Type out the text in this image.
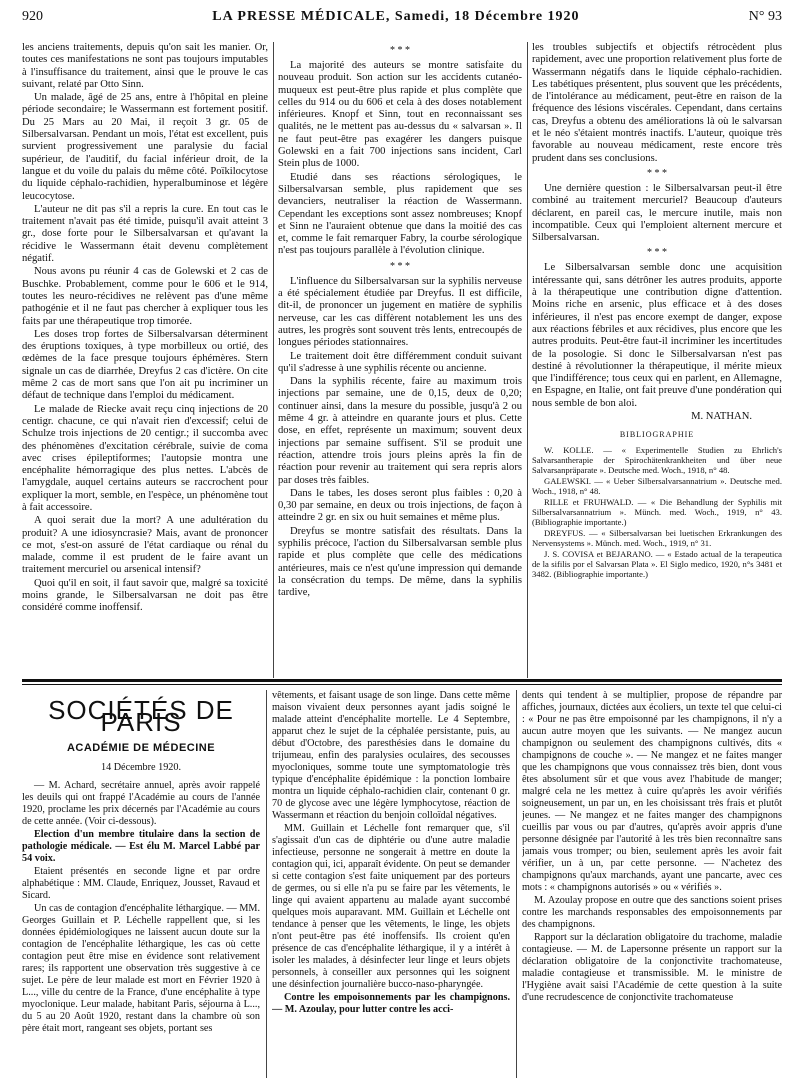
920	LA PRESSE MÉDICALE, Samedi, 18 Décembre 1920	N° 93

les anciens traitements, depuis qu'on sait les manier. Or, toutes ces manifestations ne sont pas toujours imputables à l'insuffisance du traitement, ainsi que le prouve le cas suivant, relaté par Otto Sinn.

Un malade, âgé de 25 ans, entre à l'hôpital en pleine période secondaire; le Wassermann est fortement positif. Du 25 Mars au 20 Mai, il reçoit 3 gr. 05 de Silbersalvarsan. Pendant un mois, l'état est excellent, puis survient progressivement une paralysie du facial supérieur, de l'auditif, du facial inférieur droit, de la langue et du voile du palais du même côté. Poïkilocytose du liquide céphalo-rachidien, hyperalbuminose et légère leucocytose.

L'auteur ne dit pas s'il a repris la cure. En tout cas le traitement n'avait pas été timide, puisqu'il avait atteint 3 gr., dose forte pour le Silbersalvarsan et qu'avant la récidive le Wassermann était devenu complètement négatif.

Nous avons pu réunir 4 cas de Golewski et 2 cas de Buschke. Probablement, comme pour le 606 et le 914, toutes les neuro-récidives ne relèvent pas d'une même pathogénie et il ne faut pas chercher à expliquer tous les faits par une thérapeutique trop timorée.

Les doses trop fortes de Silbersalvarsan déterminent des éruptions toxiques, à type morbilleux ou ortié, des œdèmes de la face presque toujours éphémères. Stern signale un cas de diarrhée, Dreyfus 2 cas d'ictère. On cite même 2 cas de mort sans que l'on ait pu incriminer un défaut de technique dans l'emploi du médicament.

Le malade de Riecke avait reçu cinq injections de 20 centigr. chacune, ce qui n'avait rien d'excessif; celui de Schulze trois injections de 20 centigr.; il succomba avec des phénomènes d'excitation cérébrale, suivie de coma avec crises épileptiformes; l'autopsie montra une encéphalite hémorragique des plus nettes. L'abcès de l'amygdale, auquel certains auteurs se raccrochent pour expliquer la mort, semble, en l'espèce, un phénomène tout à fait accessoire.

A quoi serait due la mort? A une adultération du produit? A une idiosyncrasie? Mais, avant de prononcer ce mot, s'est-on assuré de l'état cardiaque ou rénal du malade, comme il est prudent de le faire avant un traitement mercuriel ou arsenical intensif?

Quoi qu'il en soit, il faut savoir que, malgré sa toxicité moins grande, le Silbersalvarsan ne doit pas être considéré comme inoffensif.

* * *

La majorité des auteurs se montre satisfaite du nouveau produit. Son action sur les accidents cutanéo-muqueux est peut-être plus rapide et plus complète que celles du 914 ou du 606 et cela à des doses notablement inférieures. Knopf et Sinn, tout en reconnaissant ses qualités, ne le mettent pas au-dessus du « salvarsan ». Il ne faut peut-être pas exagérer les dangers puisque Golewski en a fait 700 injections sans incident, Carl Stein plus de 1000.

Etudié dans ses réactions sérologiques, le Silbersalvarsan semble, plus rapidement que ses devanciers, neutraliser la réaction de Wassermann. Cependant les exceptions sont assez nombreuses; Knopf et Sinn ne l'auraient obtenue que dans la moitié des cas et, comme le fait remarquer Fabry, la courbe sérologique n'est pas toujours parallèle à l'évolution clinique.

* * *

L'influence du Silbersalvarsan sur la syphilis nerveuse a été spécialement étudiée par Dreyfus. Il est difficile, dit-il, de prononcer un jugement en matière de syphilis nerveuse, car les cas diffèrent notablement les uns des autres, les progrès sont souvent très lents, entrecoupés de longues périodes stationnaires.

Le traitement doit être différemment conduit suivant qu'il s'adresse à une syphilis récente ou ancienne.

Dans la syphilis récente, faire au maximum trois injections par semaine, une de 0,15, deux de 0,20; continuer ainsi, dans la mesure du possible, jusqu'à 2 ou même 4 gr. à atteindre en quarante jours et plus. Cette dose, en effet, représente un maximum; souvent deux injections par semaine suffisent. S'il se produit une réaction, attendre trois jours pleins après la fin de réaction pour revenir au traitement qui sera repris alors par doses très faibles.

Dans le tabes, les doses seront plus faibles : 0,20 à 0,30 par semaine, en deux ou trois injections, de façon à atteindre 2 gr. en six ou huit semaines et même plus.

Dreyfus se montre satisfait des résultats. Dans la syphilis précoce, l'action du Silbersalvarsan semble plus rapide et plus complète que celle des médications antérieures, mais ce n'est qu'une impression qui demande la consécration du temps. De même, dans la syphilis tardive,

les troubles subjectifs et objectifs rétrocèdent plus rapidement, avec une proportion relativement plus forte de Wassermann négatifs dans le liquide céphalo-rachidien. Les tabétiques présentent, plus souvent que les précédents, de l'intolérance au médicament, peut-être en raison de la fréquence des lésions viscérales. Cependant, dans certains cas, Dreyfus a obtenu des améliorations là où le salvarsan et le néo s'étaient montrés inactifs. L'auteur, quoique très favorable au nouveau médicament, reste encore très prudent dans ses conclusions.

* * *

Une dernière question : le Silbersalvarsan peut-il être combiné au traitement mercuriel? Beaucoup d'auteurs déclarent, en pareil cas, le mercure inutile, mais non incompatible. Ceux qui l'emploient alternent mercure et Silbersalvarsan.

* * *

Le Silbersalvarsan semble donc une acquisition intéressante qui, sans détrôner les autres produits, apporte à la thérapeutique une contribution digne d'attention. Moins riche en arsenic, plus efficace et à des doses inférieures, il n'est pas encore exempt de danger, expose aux réactions fébriles et aux récidives, plus encore que les autres produits. Peut-être faut-il incriminer les incertitudes de la posologie. Si donc le Silbersalvarsan n'est pas destiné à révolutionner la thérapeutique, il mérite mieux que l'indifférence; tous ceux qui en parlent, en Allemagne, en Espagne, en Italie, ont fait preuve d'une pondération qui nous semble de bon aloi.

M. NATHAN.
BIBLIOGRAPHIE

W. KOLLE. — « Experimentelle Studien zu Ehrlich's Salvarsantherapie der Spirochätenkrankheiten und über neue Salvarsanpräparate ». Deutsche med. Woch., 1918, n° 48.

GALEWSKI. — « Ueber Silbersalvarsannatrium ». Deutsche med. Woch., 1918, n° 48.

RILLE et FRUHWALD. — « Die Behandlung der Syphilis mit Silbersalvarsannatrium ». Münch. med. Woch., 1919, n° 43. (Bibliographie importante.)

DREYFUS. — « Silbersalvarsan bei luetischen Erkrankungen des Nervensystems ». Münch. med. Woch., 1919, n° 31.

J. S. COVISA et BEJARANO. — « Estado actual de la terapeutica de la sifilis por el Salvarsan Plata ». El Siglo medico, 1920, n°s 3481 et 3482. (Bibliographie importante.)

SOCIÉTÉS DE PARIS
ACADÉMIE DE MÉDECINE
14 Décembre 1920.

— M. Achard, secrétaire annuel, après avoir rappelé les deuils qui ont frappé l'Académie au cours de l'année 1920, proclame les prix décernés par l'Académie au cours de cette année. (Voir ci-dessous).

Election d'un membre titulaire dans la section de pathologie médicale. — Est élu M. Marcel Labbé par 54 voix.

Etaient présentés en seconde ligne et par ordre alphabétique : MM. Claude, Enriquez, Jousset, Ravaud et Sicard.

Un cas de contagion d'encéphalite léthargique. — MM. Georges Guillain et P. Léchelle rappellent que, si les données épidémiologiques ne laissent aucun doute sur la contagion de l'encéphalite léthargique, les cas où cette contagion peut être mise en évidence sont relativement rares; ils rapportent une observation très suggestive à ce sujet. Le père de leur malade est mort en Février 1920 à L..., ville du centre de la France, d'une encéphalite à type myoclonique. Leur malade, habitant Paris, séjourna à L..., du 5 au 20 Août 1920, restant dans la chambre où son père était mort, rangeant ses objets, portant ses

vêtements, et faisant usage de son linge. Dans cette même maison vivaient deux personnes ayant jadis soigné le malade atteint d'encéphalite mortelle. Le 4 Septembre, apparut chez le sujet de la céphalée persistante, puis, au début d'Octobre, des paresthésies dans le domaine du trijumeau, enfin des paralysies oculaires, des secousses myocloniques, somme toute une symptomatologie très typique d'encéphalite épidémique : la ponction lombaire montra un liquide céphalo-rachidien clair, contenant 0 gr. 70 de glycose avec une légère lymphocytose, réaction de Wassermann et réaction du benjoin colloïdal négatives.

MM. Guillain et Léchelle font remarquer que, s'il s'agissait d'un cas de diphtérie ou d'une autre maladie infectieuse, personne ne songerait à mettre en doute la contagion qui, ici, apparaît évidente. On peut se demander si cette contagion s'est faite uniquement par des porteurs de germes, ou si elle n'a pu se faire par les vêtements, le linge qui avaient appartenu au malade ayant succombé quelques mois auparavant. MM. Guillain et Léchelle ont tendance à penser que les vêtements, le linge, les objets n'ont peut-être pas été inoffensifs. Ils croient qu'en présence de cas d'encéphalite léthargique, il y a intérêt à isoler les malades, à désinfecter leur linge et leurs objets personnels, à conseiller aux personnes qui les soignent une désinfection journalière bucco-naso-pharyngée.

Contre les empoisonnements par les champignons. — M. Azoulay, pour lutter contre les acci-

dents qui tendent à se multiplier, propose de répandre par affiches, journaux, dictées aux écoliers, un texte tel que celui-ci : « Pour ne pas être empoisonné par les champignons, il n'y a aucun autre moyen que les suivants. — Ne mangez aucun champignon ou seulement des champignons cultivés, dits « champignons de couche ». — Ne mangez et ne faites manger que les champignons que vous connaissez très bien, dont vous êtes absolument sûr et que vous avez l'habitude de manger; malgré cela ne les mettez à cuire qu'après les avoir vérifiés soigneusement, un par un, en les choisissant très frais et plutôt jeunes. — Ne mangez et ne faites manger des champignons cueillis par vous ou par d'autres, qu'après avoir appris d'une personne désignée par l'autorité à les très bien reconnaître sans jamais vous tromper; ou bien, seulement après les avoir fait vérifier, un à un, par cette personne. — N'achetez des champignons qu'aux marchands, ayant une pancarte, avec ces mots : « champignons autorisés » ou « vérifiés ».

M. Azoulay propose en outre que des sanctions soient prises contre les marchands responsables des empoisonnements par des champignons.

Rapport sur la déclaration obligatoire du trachome, maladie contagieuse. — M. de Lapersonne présente un rapport sur la déclaration obligatoire de la conjonctivite trachomateuse, maladie contagieuse et transmissible. M. le ministre de l'Hygiène avait saisi l'Académie de cette question à la suite d'une recrudescence de conjonctivite trachomateuse
